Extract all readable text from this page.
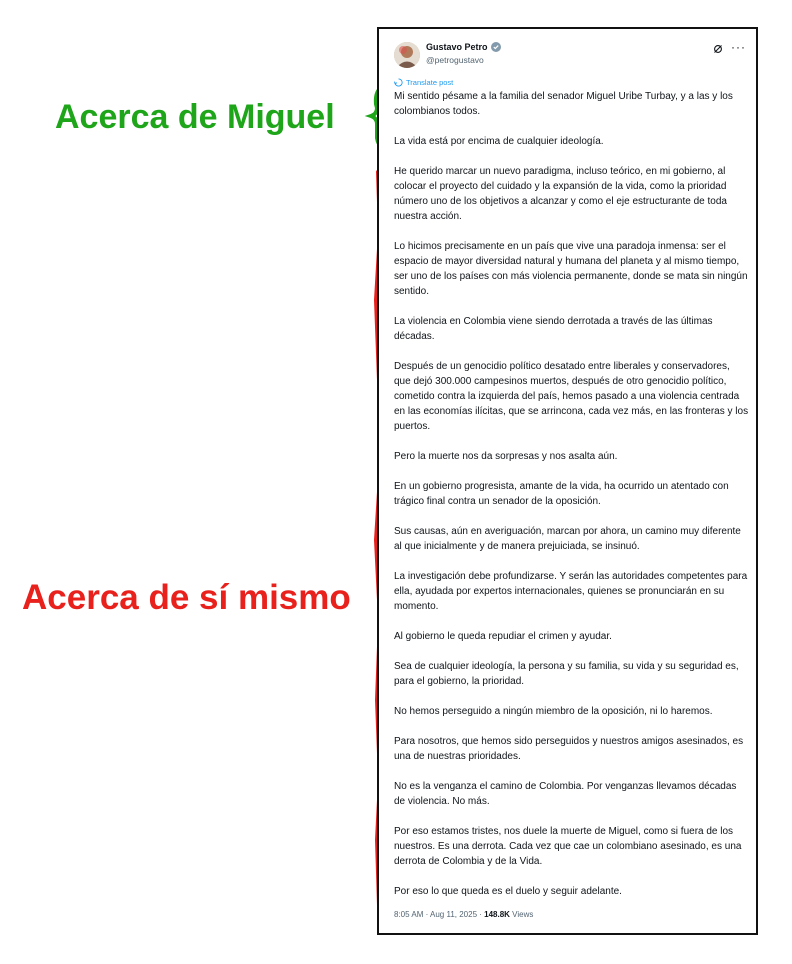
Acerca de Miguel
Acerca de sí mismo
Gustavo Petro
@petrogustavo
···
Translate post

Mi sentido pésame a la familia del senador Miguel Uribe Turbay, y a las y los colombianos todos.

La vida está por encima de cualquier ideología.

He querido marcar un nuevo paradigma, incluso teórico, en mi gobierno, al colocar el proyecto del cuidado y la expansión de la vida, como la prioridad número uno de los objetivos a alcanzar y como el eje estructurante de toda nuestra acción.

Lo hicimos precisamente en un país que vive una paradoja inmensa: ser el espacio de mayor diversidad natural y humana del planeta y al mismo tiempo, ser uno de los países con más violencia permanente, donde se mata sin ningún sentido.

La violencia en Colombia viene siendo derrotada a través de las últimas décadas.

Después de un genocidio político desatado entre liberales y conservadores, que dejó 300.000 campesinos muertos, después de otro genocidio político, cometido contra la izquierda del país, hemos pasado a una violencia centrada en las economías ilícitas, que se arrincona, cada vez más, en las fronteras y los puertos.

Pero la muerte nos da sorpresas y nos asalta aún.

En un gobierno progresista, amante de la vida, ha ocurrido un atentado con trágico final contra un senador de la oposición.

Sus causas, aún en averiguación, marcan por ahora, un camino muy diferente al que inicialmente y de manera prejuiciada, se insinuó.

La investigación debe profundizarse. Y serán las autoridades competentes para ella, ayudada por expertos internacionales, quienes se pronunciarán en su momento.

Al gobierno le queda repudiar el crimen y ayudar.

Sea de cualquier ideología, la persona y su familia, su vida y su seguridad es, para el gobierno, la prioridad.

No hemos perseguido a ningún miembro de la oposición, ni lo haremos.

Para nosotros, que hemos sido perseguidos y nuestros amigos asesinados, es una de nuestras prioridades.

No es la venganza el camino de Colombia. Por venganzas llevamos décadas de violencia. No más.

Por eso estamos tristes, nos duele la muerte de Miguel, como si fuera de los nuestros. Es una derrota. Cada vez que cae un colombiano asesinado, es una derrota de Colombia y de la Vida.

Por eso lo que queda es el duelo y seguir adelante.

8:05 AM · Aug 11, 2025 · 148.8K Views
